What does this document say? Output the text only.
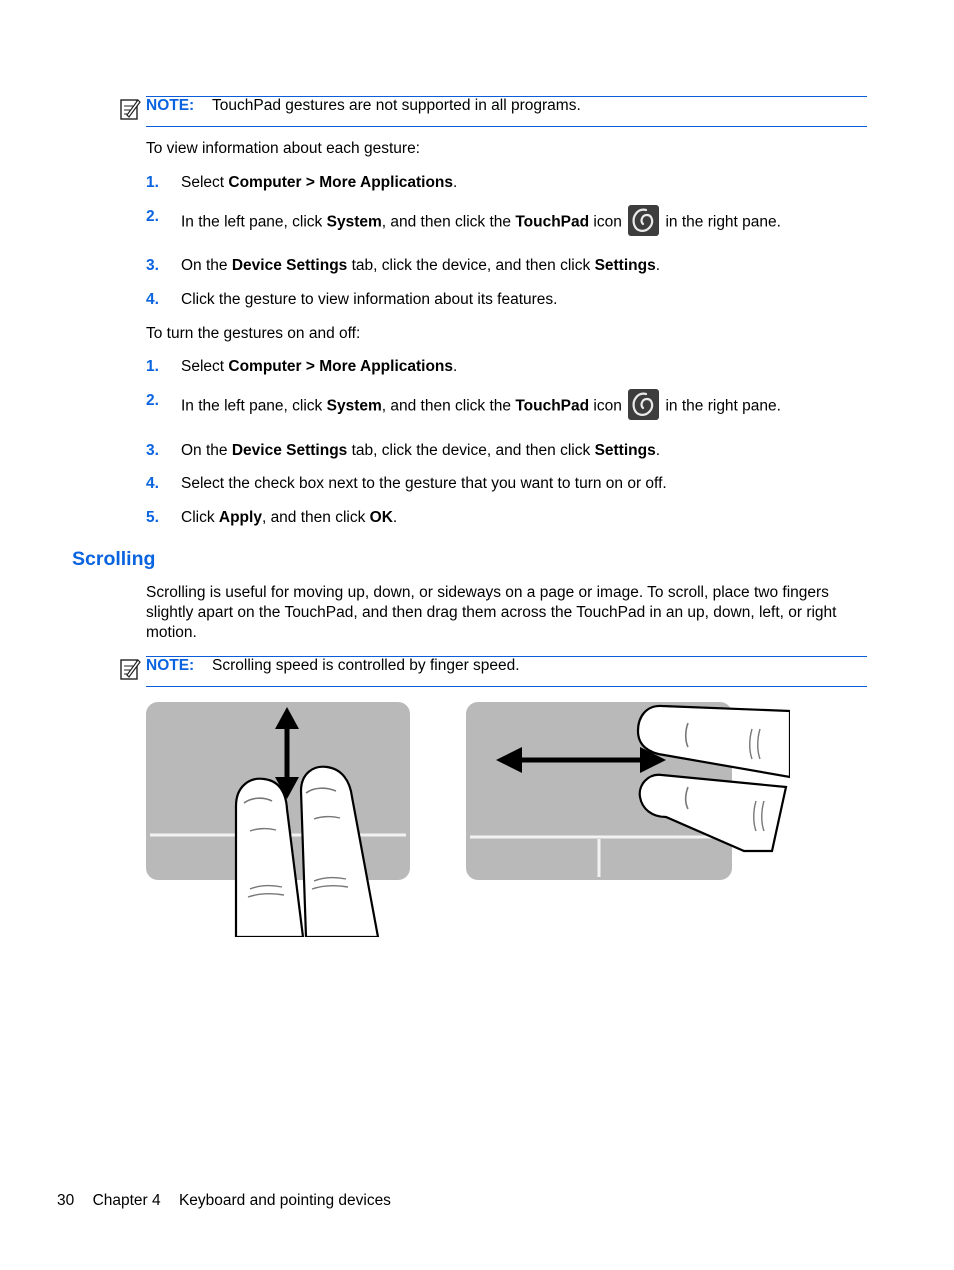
NOTE: TouchPad gestures are not supported in all programs.
To view information about each gesture:
1. Select Computer > More Applications.
2. In the left pane, click System, and then click the TouchPad icon	in the right pane.
3. On the Device Settings tab, click the device, and then click Settings.
4. Click the gesture to view information about its features.
To turn the gestures on and off:
1. Select Computer > More Applications.
2. In the left pane, click System, and then click the TouchPad icon	in the right pane.
3. On the Device Settings tab, click the device, and then click Settings.
4. Select the check box next to the gesture that you want to turn on or off.
5. Click Apply, and then click OK.
Scrolling
Scrolling is useful for moving up, down, or sideways on a page or image. To scroll, place two fingers slightly apart on the TouchPad, and then drag them across the TouchPad in an up, down, left, or right motion.
NOTE: Scrolling speed is controlled by finger speed.
30 Chapter 4 Keyboard and pointing devices
